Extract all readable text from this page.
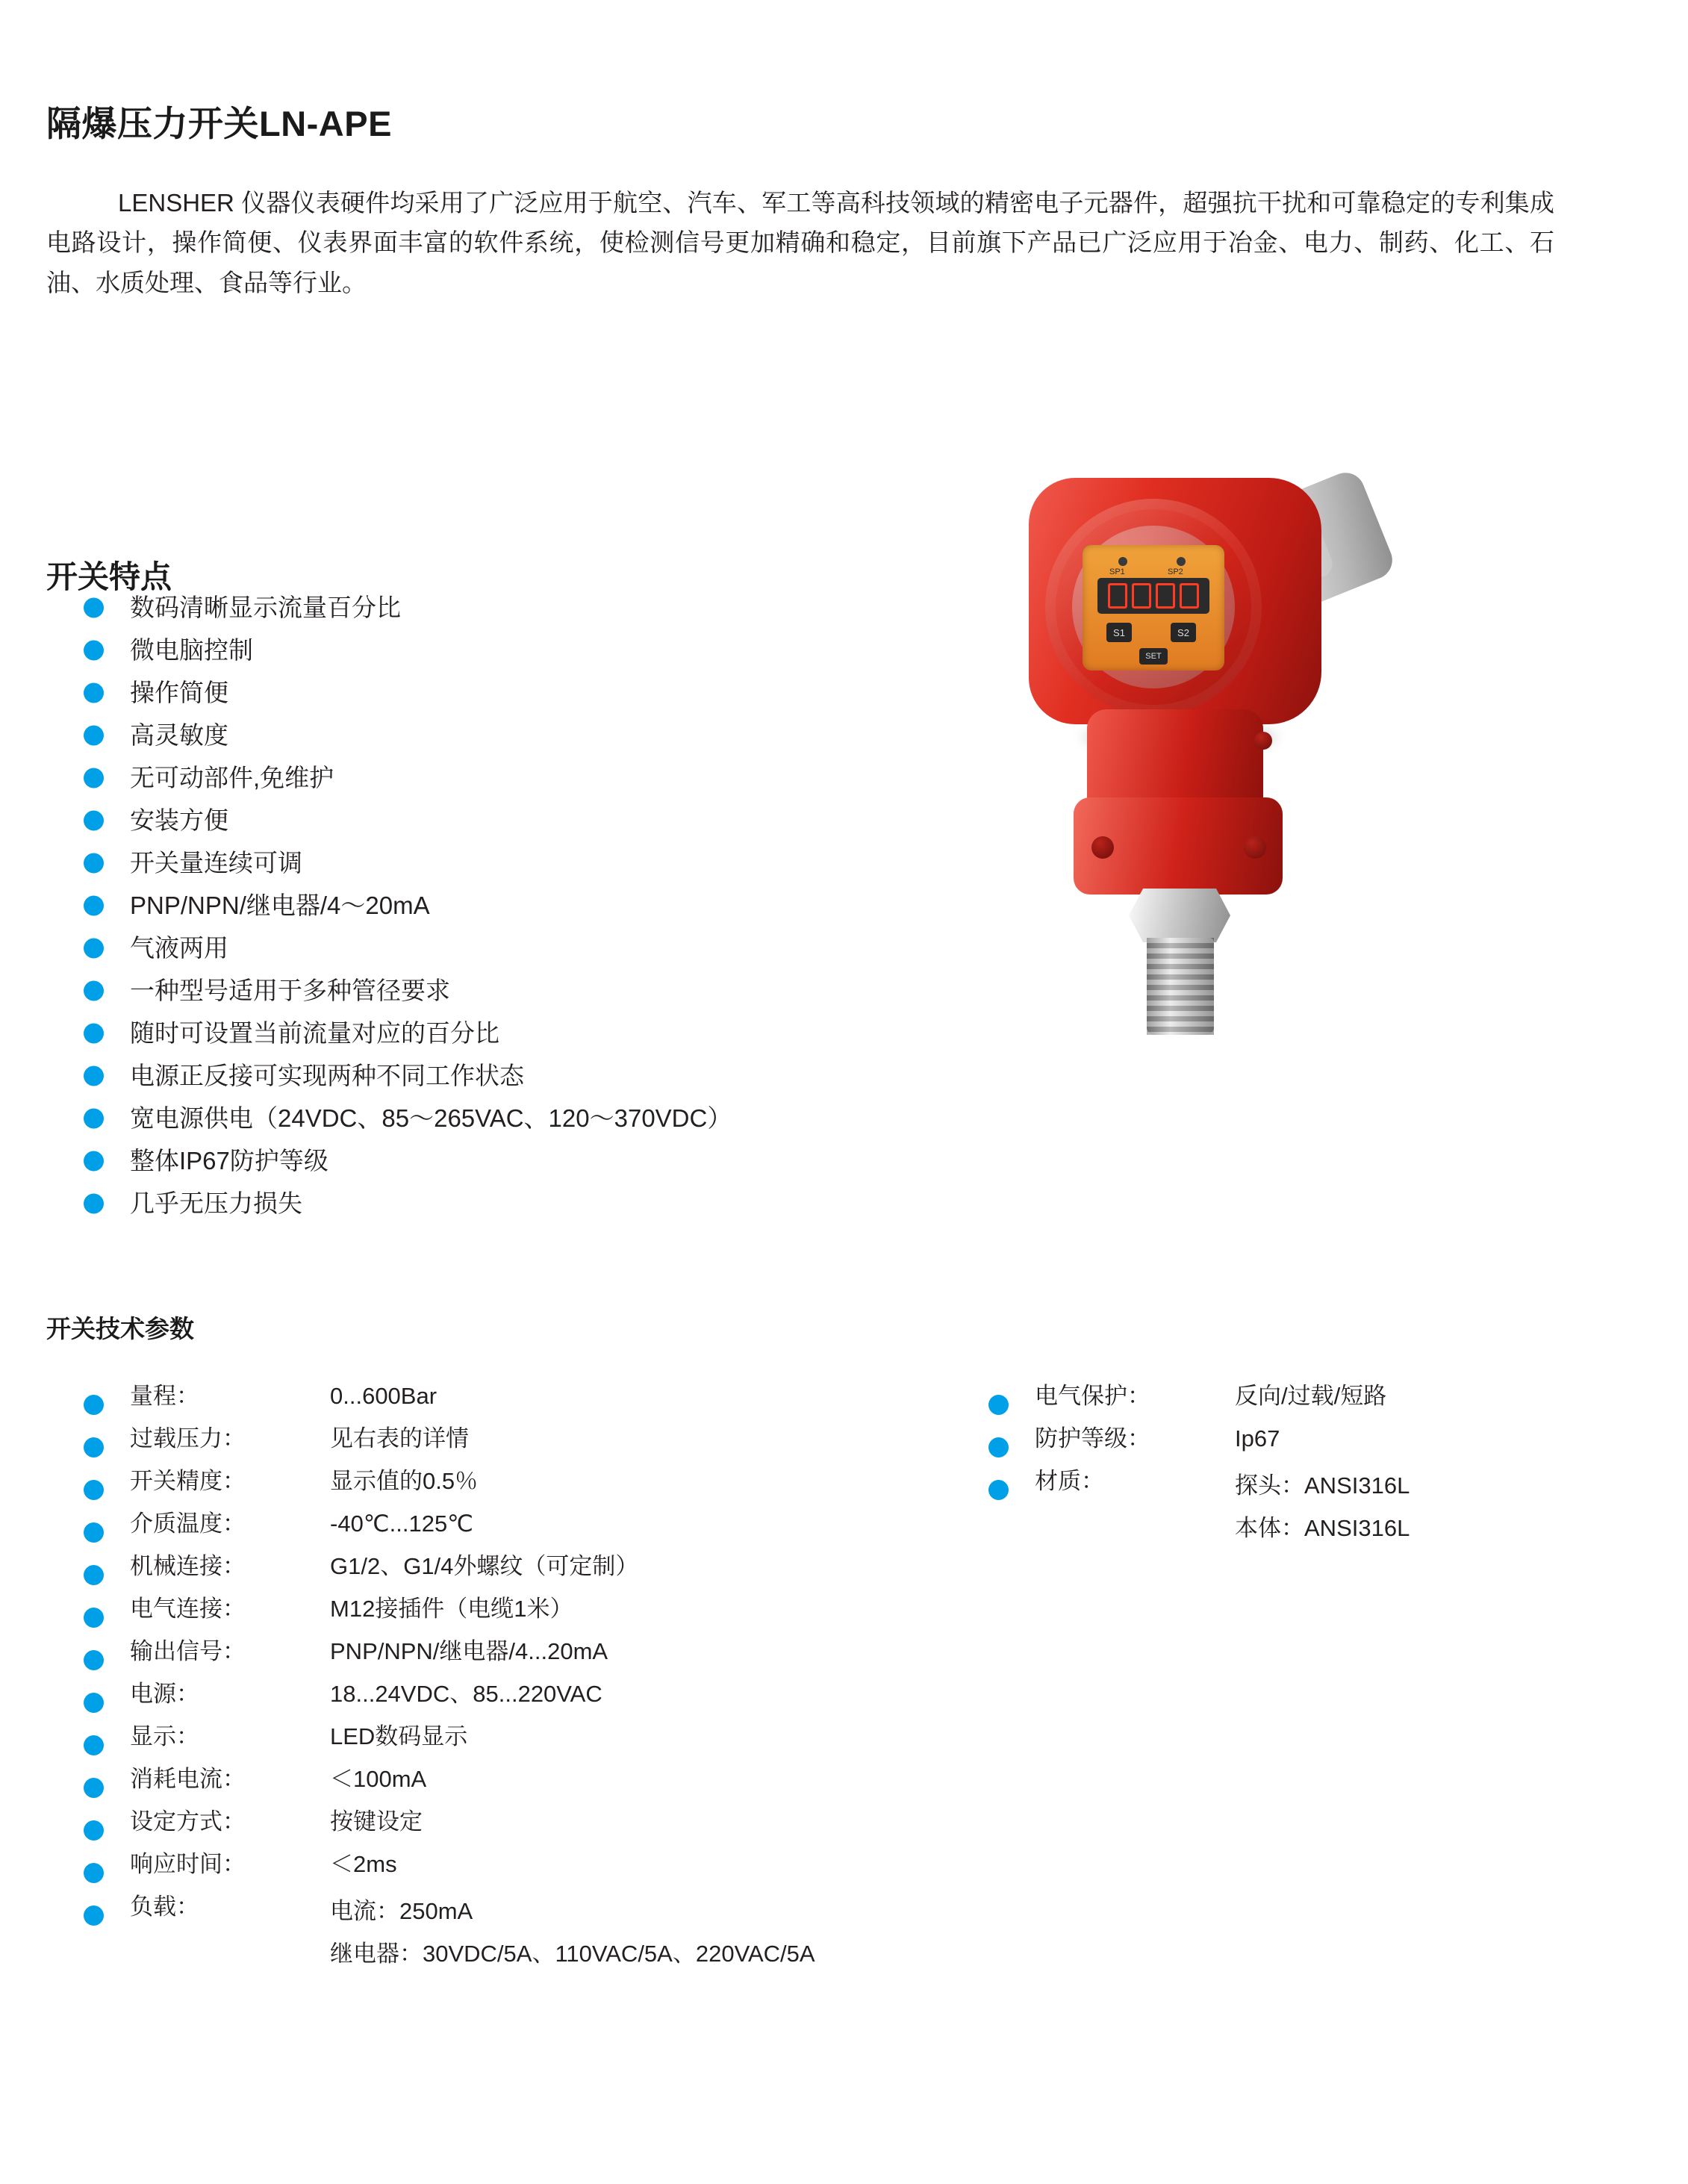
隔爆压力开关LN-APE

LENSHER 仪器仪表硬件均采用了广泛应用于航空、汽车、军工等高科技领域的精密电子元器件，超强抗干扰和可靠稳定的专利集成电路设计，操作简便、仪表界面丰富的软件系统，使检测信号更加精确和稳定，目前旗下产品已广泛应用于冶金、电力、制药、化工、石油、水质处理、食品等行业。

开关特点
数码清晰显示流量百分比
微电脑控制
操作简便
高灵敏度
无可动部件,免维护
安装方便
开关量连续可调
PNP/NPN/继电器/4～20mA
气液两用
一种型号适用于多种管径要求
随时可设置当前流量对应的百分比
电源正反接可实现两种不同工作状态
宽电源供电（24VDC、85～265VAC、120～370VDC）
整体IP67防护等级
几乎无压力损失
SP1	SP2
S1	S2
SET
开关技术参数
量程：	0...600Bar
过载压力：	见右表的详情
开关精度：	显示值的0.5％
介质温度：	-40℃...125℃
机械连接：	G1/2、G1/4外螺纹（可定制）
电气连接：	M12接插件（电缆1米）
输出信号：	PNP/NPN/继电器/4...20mA
电源：	18...24VDC、85...220VAC
显示：	LED数码显示
消耗电流：	＜100mA
设定方式：	按键设定
响应时间：	＜2ms
负载：	电流：250mA
继电器：30VDC/5A、110VAC/5A、220VAC/5A
电气保护：	反向/过载/短路
防护等级：	Ip67
材质：	探头：ANSI316L
本体：ANSI316L
